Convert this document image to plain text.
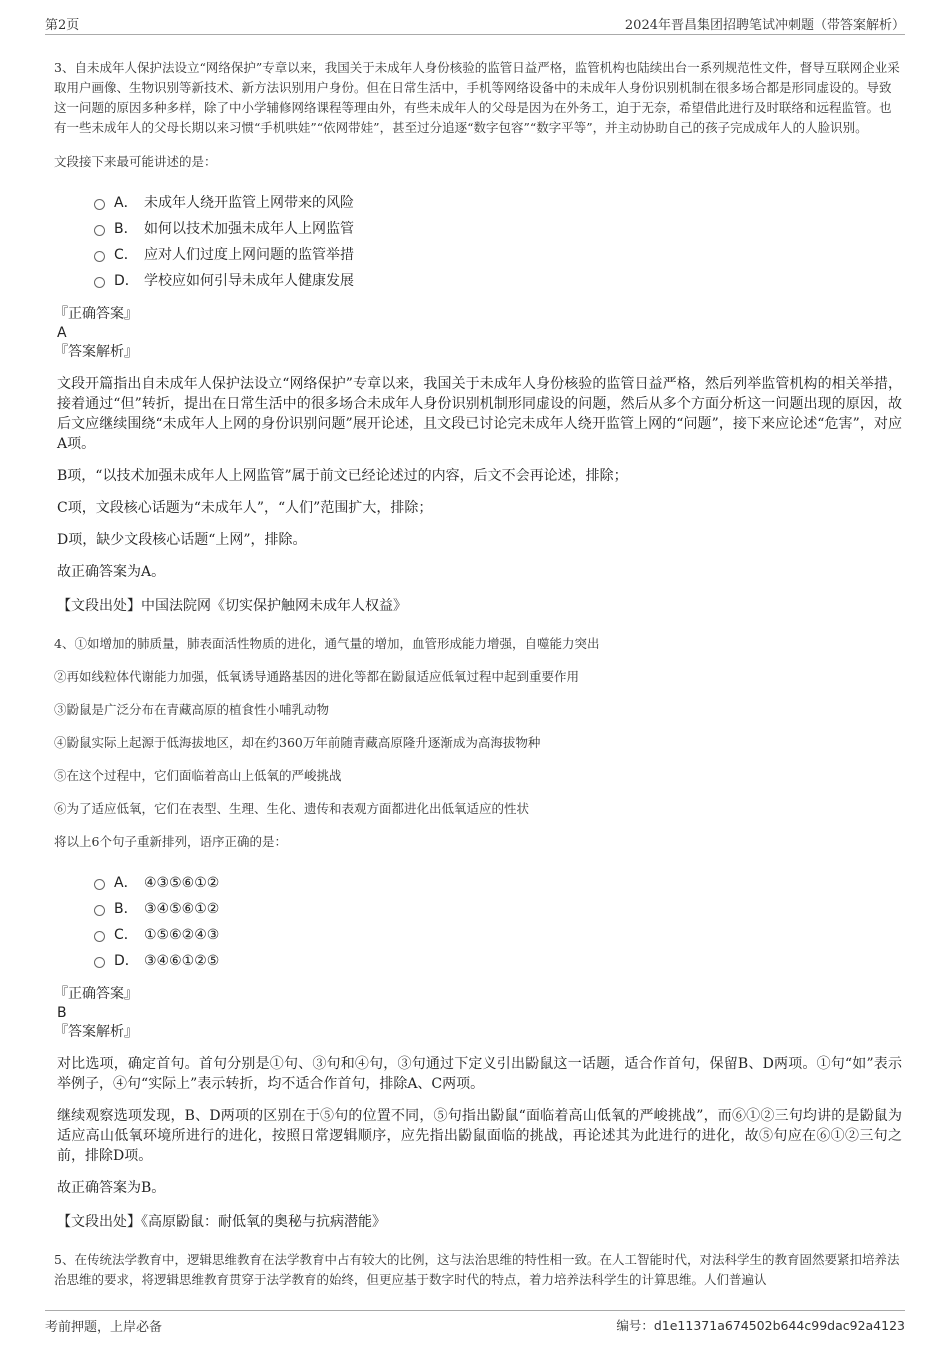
第2页	2024年晋昌集团招聘笔试冲刺题（带答案解析）

3、自未成年人保护法设立“网络保护”专章以来，我国关于未成年人身份核验的监管日益严格，监管机构也陆续出台一系列规范性文件，督导互联网企业采取用户画像、生物识别等新技术、新方法识别用户身份。但在日常生活中，手机等网络设备中的未成年人身份识别机制在很多场合都是形同虚设的。导致这一问题的原因多种多样，除了中小学辅修网络课程等理由外，有些未成年人的父母是因为在外务工，迫于无奈，希望借此进行及时联络和远程监管。也有一些未成年人的父母长期以来习惯“手机哄娃”“依网带娃”，甚至过分追逐“数字包容”“数字平等”，并主动协助自己的孩子完成成年人的人脸识别。

文段接下来最可能讲述的是：

A． 未成年人绕开监管上网带来的风险
B． 如何以技术加强未成年人上网监管
C． 应对人们过度上网问题的监管举措
D． 学校应如何引导未成年人健康发展

『正确答案』

A

『答案解析』

文段开篇指出自未成年人保护法设立“网络保护”专章以来，我国关于未成年人身份核验的监管日益严格，然后列举监管机构的相关举措，接着通过“但”转折，提出在日常生活中的很多场合未成年人身份识别机制形同虚设的问题，然后从多个方面分析这一问题出现的原因，故后文应继续围绕“未成年人上网的身份识别问题”展开论述，且文段已讨论完未成年人绕开监管上网的“问题”，接下来应论述“危害”，对应A项。

B项，“以技术加强未成年人上网监管”属于前文已经论述过的内容，后文不会再论述，排除；

C项，文段核心话题为“未成年人”，“人们”范围扩大，排除；

D项，缺少文段核心话题“上网”，排除。

故正确答案为A。

【文段出处】中国法院网《切实保护触网未成年人权益》

4、①如增加的肺质量，肺表面活性物质的进化，通气量的增加，血管形成能力增强，自噬能力突出

②再如线粒体代谢能力加强，低氧诱导通路基因的进化等都在鼢鼠适应低氧过程中起到重要作用

③鼢鼠是广泛分布在青藏高原的植食性小哺乳动物

④鼢鼠实际上起源于低海拔地区，却在约360万年前随青藏高原隆升逐渐成为高海拔物种

⑤在这个过程中，它们面临着高山上低氧的严峻挑战

⑥为了适应低氧，它们在表型、生理、生化、遗传和表观方面都进化出低氧适应的性状

将以上6个句子重新排列，语序正确的是：

A． ④③⑤⑥①②
B． ③④⑤⑥①②
C． ①⑤⑥②④③
D． ③④⑥①②⑤

『正确答案』

B

『答案解析』

对比选项，确定首句。首句分别是①句、③句和④句，③句通过下定义引出鼢鼠这一话题，适合作首句，保留B、D两项。①句“如”表示举例子，④句“实际上”表示转折，均不适合作首句，排除A、C两项。

继续观察选项发现，B、D两项的区别在于⑤句的位置不同，⑤句指出鼢鼠“面临着高山低氧的严峻挑战”，而⑥①②三句均讲的是鼢鼠为适应高山低氧环境所进行的进化，按照日常逻辑顺序，应先指出鼢鼠面临的挑战，再论述其为此进行的进化，故⑤句应在⑥①②三句之前，排除D项。

故正确答案为B。

【文段出处】《高原鼢鼠：耐低氧的奥秘与抗病潜能》

5、在传统法学教育中，逻辑思维教育在法学教育中占有较大的比例，这与法治思维的特性相一致。在人工智能时代，对法科学生的教育固然要紧扣培养法治思维的要求，将逻辑思维教育贯穿于法学教育的始终，但更应基于数字时代的特点，着力培养法科学生的计算思维。人们普遍认

考前押题，上岸必备	编号：d1e11371a674502b644c99dac92a4123
